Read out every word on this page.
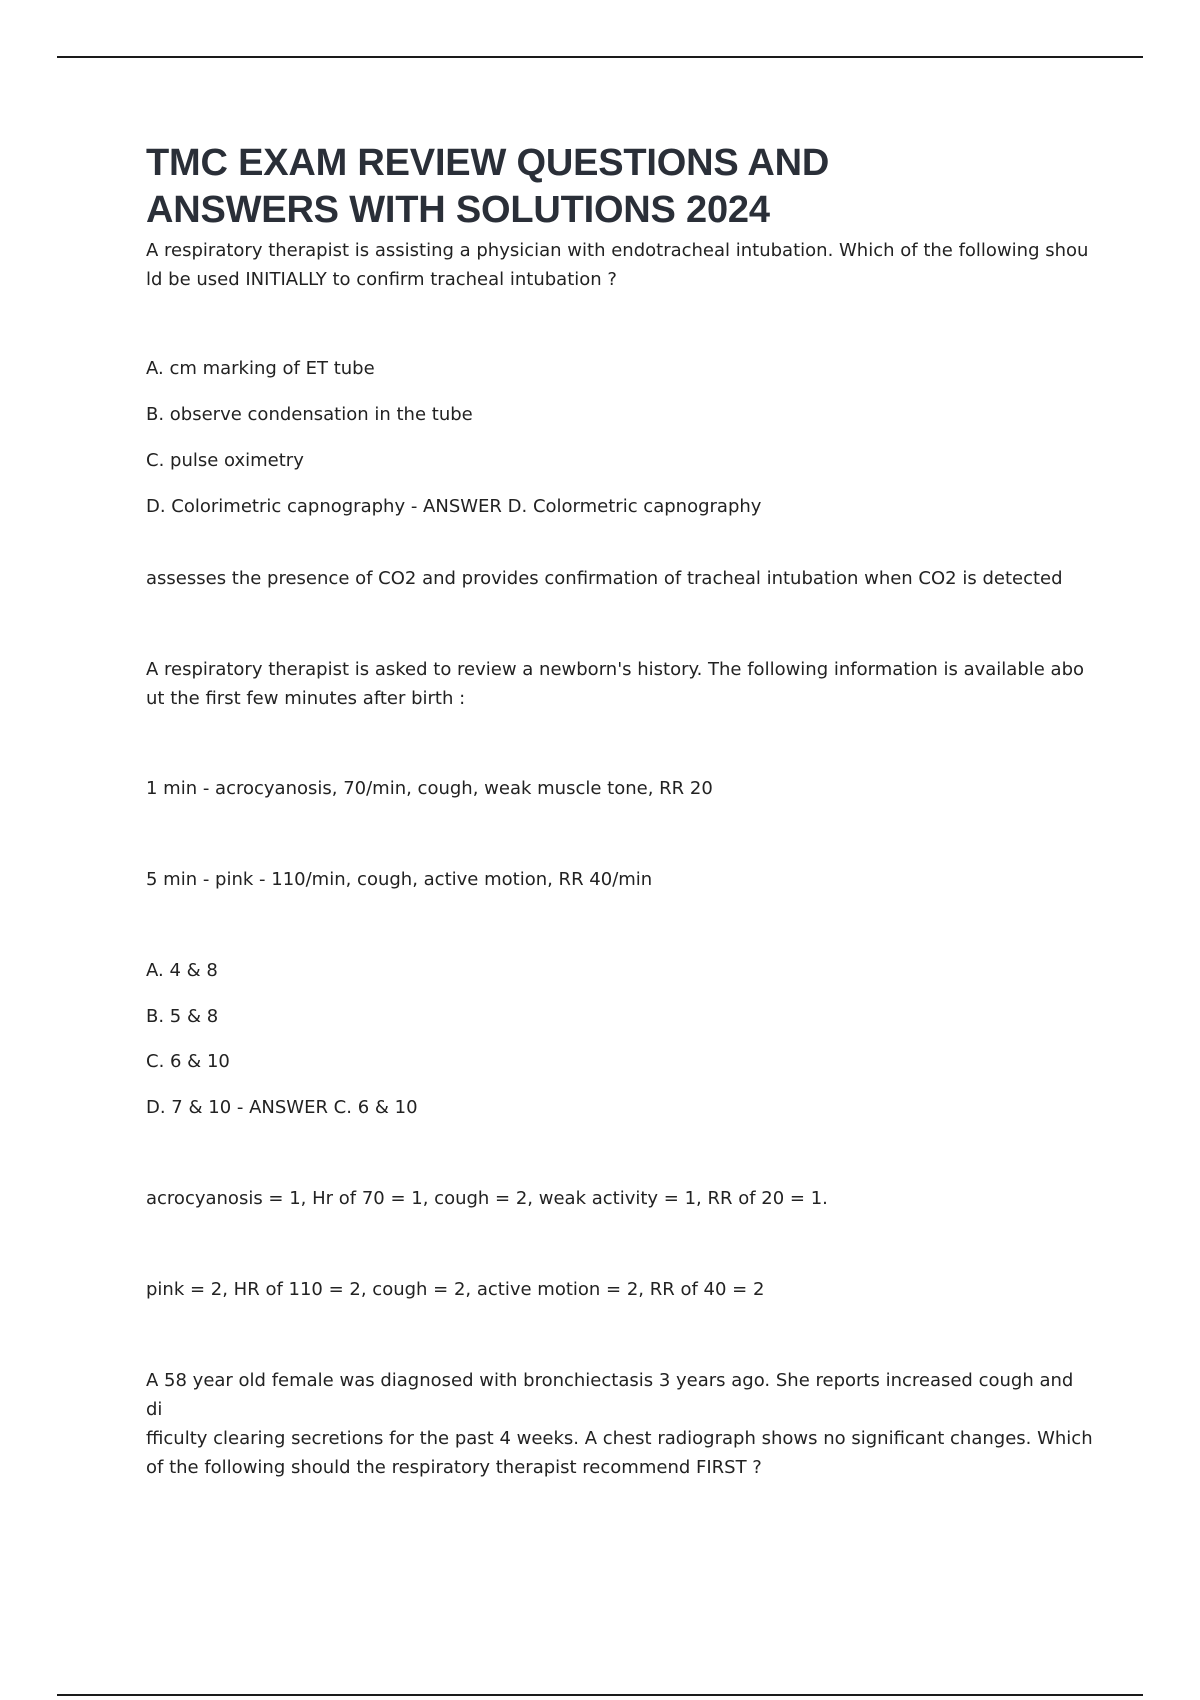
TMC EXAM REVIEW QUESTIONS AND
ANSWERS WITH SOLUTIONS 2024

A respiratory therapist is assisting a physician with endotracheal intubation. Which of the following shou
ld be used INITIALLY to confirm tracheal intubation ?

A. cm marking of ET tube

B. observe condensation in the tube

C. pulse oximetry

D. Colorimetric capnography - ANSWER D. Colormetric capnography

assesses the presence of CO2 and provides confirmation of tracheal intubation when CO2 is detected

A respiratory therapist is asked to review a newborn's history. The following information is available abo
ut the first few minutes after birth :

1 min - acrocyanosis, 70/min, cough, weak muscle tone, RR 20

5 min - pink - 110/min, cough, active motion, RR 40/min

A. 4 & 8

B. 5 & 8

C. 6 & 10

D. 7 & 10 - ANSWER C. 6 & 10

acrocyanosis = 1, Hr of 70 = 1, cough = 2, weak activity = 1, RR of 20 = 1.

pink = 2, HR of 110 = 2, cough = 2, active motion = 2, RR of 40 = 2

A 58 year old female was diagnosed with bronchiectasis 3 years ago. She reports increased cough and di
fficulty clearing secretions for the past 4 weeks. A chest radiograph shows no significant changes. Which
of the following should the respiratory therapist recommend FIRST ?
